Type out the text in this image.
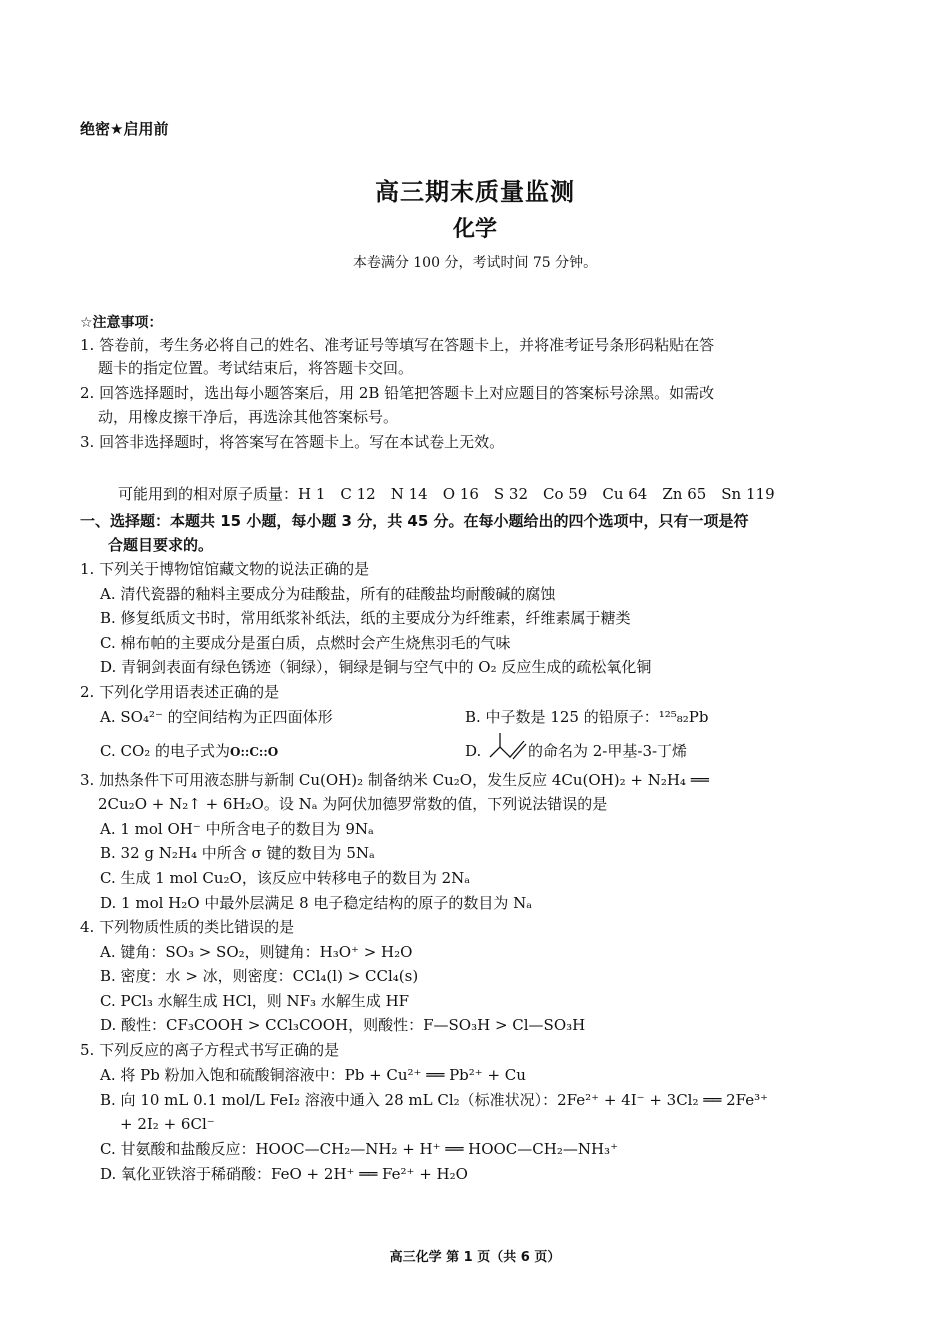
绝密★启用前
高三期末质量监测
化学
本卷满分 100 分，考试时间 75 分钟。
☆注意事项：
1. 答卷前，考生务必将自己的姓名、准考证号等填写在答题卡上，并将准考证号条形码粘贴在答
题卡的指定位置。考试结束后，将答题卡交回。
2. 回答选择题时，选出每小题答案后，用 2B 铅笔把答题卡上对应题目的答案标号涂黑。如需改
动，用橡皮擦干净后，再选涂其他答案标号。
3. 回答非选择题时，将答案写在答题卡上。写在本试卷上无效。
可能用到的相对原子质量：H 1　C 12　N 14　O 16　S 32　Co 59　Cu 64　Zn 65　Sn 119
一、选择题：本题共 15 小题，每小题 3 分，共 45 分。在每小题给出的四个选项中，只有一项是符
合题目要求的。
1. 下列关于博物馆馆藏文物的说法正确的是
A. 清代瓷器的釉料主要成分为硅酸盐，所有的硅酸盐均耐酸碱的腐蚀
B. 修复纸质文书时，常用纸浆补纸法，纸的主要成分为纤维素，纤维素属于糖类
C. 棉布帕的主要成分是蛋白质，点燃时会产生烧焦羽毛的气味
D. 青铜剑表面有绿色锈迹（铜绿），铜绿是铜与空气中的 O₂ 反应生成的疏松氧化铜
2. 下列化学用语表述正确的是
A. SO₄²⁻ 的空间结构为正四面体形	B. 中子数是 125 的铅原子：¹²⁵₈₂Pb
C. CO₂ 的电子式为O::C::O	D.	的命名为 2-甲基-3-丁烯
3. 加热条件下可用液态肼与新制 Cu(OH)₂ 制备纳米 Cu₂O，发生反应 4Cu(OH)₂ + N₂H₄ ══
2Cu₂O + N₂↑ + 6H₂O。设 Nₐ 为阿伏加德罗常数的值，下列说法错误的是
A. 1 mol OH⁻ 中所含电子的数目为 9Nₐ
B. 32 g N₂H₄ 中所含 σ 键的数目为 5Nₐ
C. 生成 1 mol Cu₂O，该反应中转移电子的数目为 2Nₐ
D. 1 mol H₂O 中最外层满足 8 电子稳定结构的原子的数目为 Nₐ
4. 下列物质性质的类比错误的是
A. 键角：SO₃ > SO₂，则键角：H₃O⁺ > H₂O
B. 密度：水 > 冰，则密度：CCl₄(l) > CCl₄(s)
C. PCl₃ 水解生成 HCl，则 NF₃ 水解生成 HF
D. 酸性：CF₃COOH > CCl₃COOH，则酸性：F—SO₃H > Cl—SO₃H
5. 下列反应的离子方程式书写正确的是
A. 将 Pb 粉加入饱和硫酸铜溶液中：Pb + Cu²⁺ ══ Pb²⁺ + Cu
B. 向 10 mL 0.1 mol/L FeI₂ 溶液中通入 28 mL Cl₂（标准状况）：2Fe²⁺ + 4I⁻ + 3Cl₂ ══ 2Fe³⁺
+ 2I₂ + 6Cl⁻
C. 甘氨酸和盐酸反应：HOOC—CH₂—NH₂ + H⁺ ══ HOOC—CH₂—NH₃⁺
D. 氧化亚铁溶于稀硝酸：FeO + 2H⁺ ══ Fe²⁺ + H₂O
高三化学 第 1 页（共 6 页）
